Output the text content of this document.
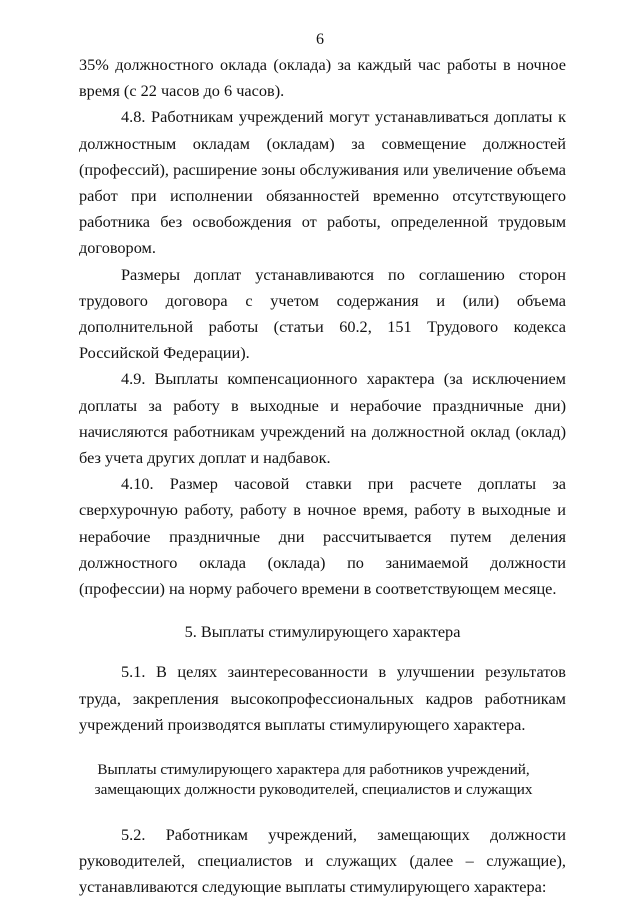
6

35% должностного оклада (оклада) за каждый час работы в ночное время (с 22 часов до 6 часов).

4.8. Работникам учреждений могут устанавливаться доплаты к должностным окладам (окладам) за совмещение должностей (профессий), расширение зоны обслуживания или увеличение объема работ при исполнении обязанностей временно отсутствующего работника без освобождения от работы, определенной трудовым договором.

Размеры доплат устанавливаются по соглашению сторон трудового договора с учетом содержания и (или) объема дополнительной работы (статьи 60.2, 151 Трудового кодекса Российской Федерации).

4.9. Выплаты компенсационного характера (за исключением доплаты за работу в выходные и нерабочие праздничные дни) начисляются работникам учреждений на должностной оклад (оклад) без учета других доплат и надбавок.

4.10. Размер часовой ставки при расчете доплаты за сверхурочную работу, работу в ночное время, работу в выходные и нерабочие праздничные дни рассчитывается путем деления должностного оклада (оклада) по занимаемой должности (профессии) на норму рабочего времени в соответствующем месяце.

5. Выплаты стимулирующего характера

5.1. В целях заинтересованности в улучшении результатов труда, закрепления высокопрофессиональных кадров работникам учреждений производятся выплаты стимулирующего характера.

Выплаты стимулирующего характера для работников учреждений,
замещающих должности руководителей, специалистов и служащих

5.2. Работникам учреждений, замещающих должности руководителей, специалистов и служащих (далее – служащие), устанавливаются следующие выплаты стимулирующего характера:
